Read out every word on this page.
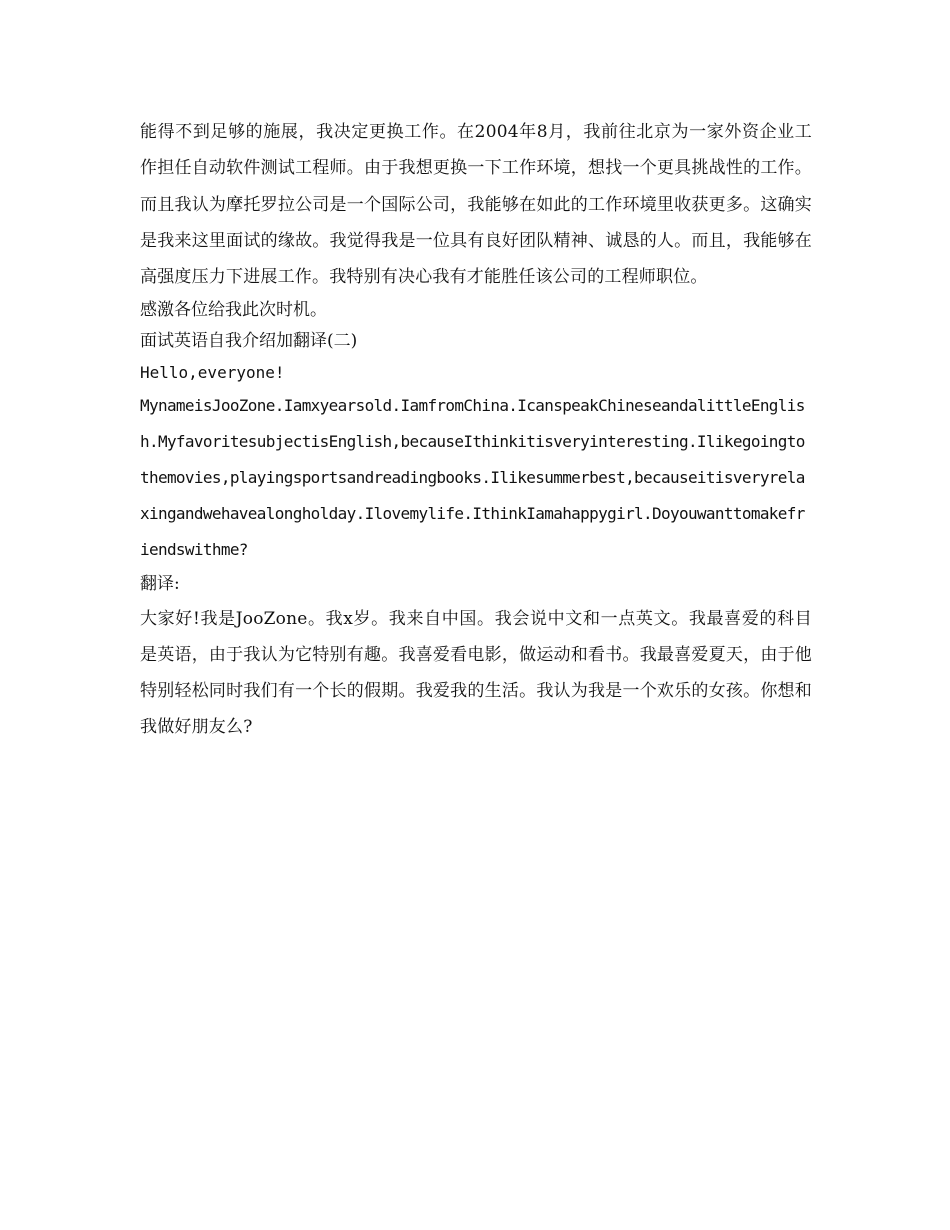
能得不到足够的施展，我决定更换工作。在2004年8月，我前往北京为一家外资企业工作担任自动软件测试工程师。由于我想更换一下工作环境，想找一个更具挑战性的工作。而且我认为摩托罗拉公司是一个国际公司，我能够在如此的工作环境里收获更多。这确实是我来这里面试的缘故。我觉得我是一位具有良好团队精神、诚恳的人。而且，我能够在高强度压力下进展工作。我特别有决心我有才能胜任该公司的工程师职位。

感激各位给我此次时机。

面试英语自我介绍加翻译(二)

Hello,everyone!

MynameisJooZone.Iamxyearsold.IamfromChina.IcanspeakChineseandalittleEnglish.MyfavoritesubjectisEnglish,becauseIthinkitisveryinteresting.Ilikegoingtothemovies,playingsportsandreadingbooks.Ilikesummerbest,becauseitisveryrelaxingandwehavealongholday.Ilovemylife.IthinkIamahappygirl.Doyouwanttomakefriendswithme?

翻译:

大家好!我是JooZone。我x岁。我来自中国。我会说中文和一点英文。我最喜爱的科目是英语，由于我认为它特别有趣。我喜爱看电影，做运动和看书。我最喜爱夏天，由于他特别轻松同时我们有一个长的假期。我爱我的生活。我认为我是一个欢乐的女孩。你想和我做好朋友么?
